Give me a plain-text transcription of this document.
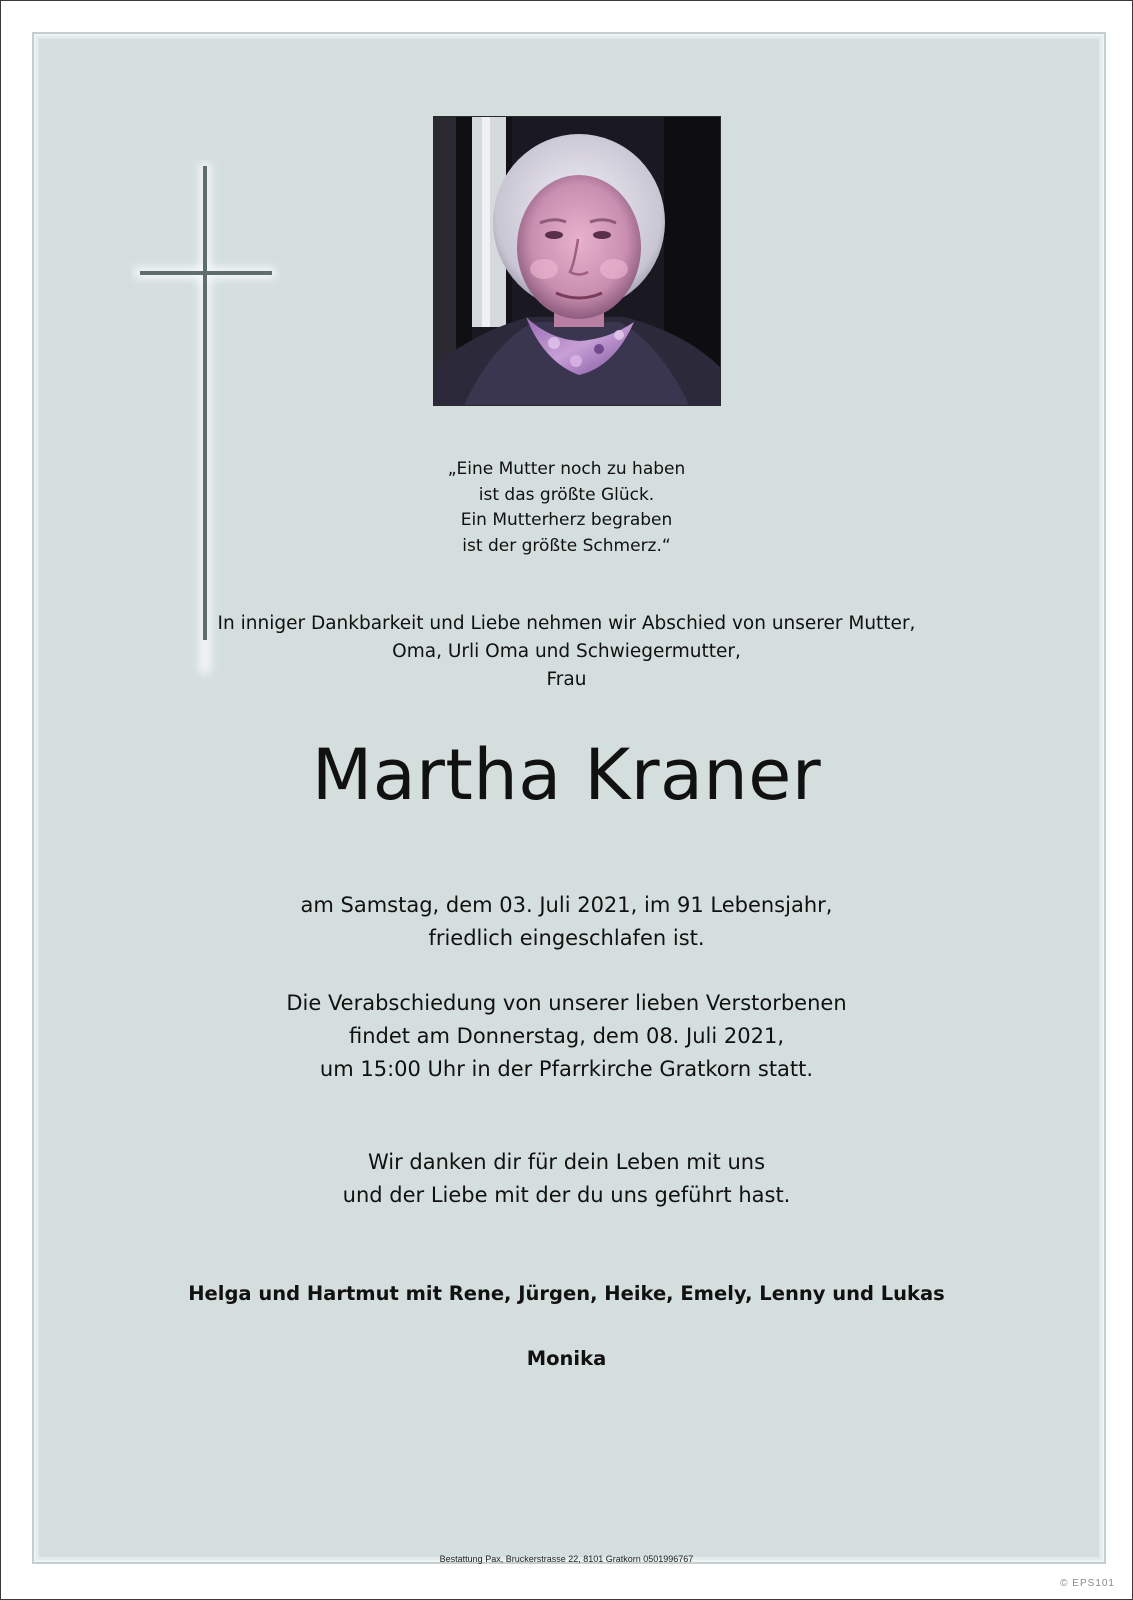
„Eine Mutter noch zu haben
ist das größte Glück.
Ein Mutterherz begraben
ist der größte Schmerz.“
In inniger Dankbarkeit und Liebe nehmen wir Abschied von unserer Mutter,
Oma, Urli Oma und Schwiegermutter,
Frau
Martha Kraner
am Samstag, dem 03. Juli 2021, im 91 Lebensjahr,
friedlich eingeschlafen ist.
Die Verabschiedung von unserer lieben Verstorbenen
findet am Donnerstag, dem 08. Juli 2021,
um 15:00 Uhr in der Pfarrkirche Gratkorn statt.
Wir danken dir für dein Leben mit uns
und der Liebe mit der du uns geführt hast.
Helga und Hartmut mit Rene, Jürgen, Heike, Emely, Lenny und Lukas
Monika
Bestattung Pax, Bruckerstrasse 22, 8101 Gratkorn 0501996767
© EPS101
